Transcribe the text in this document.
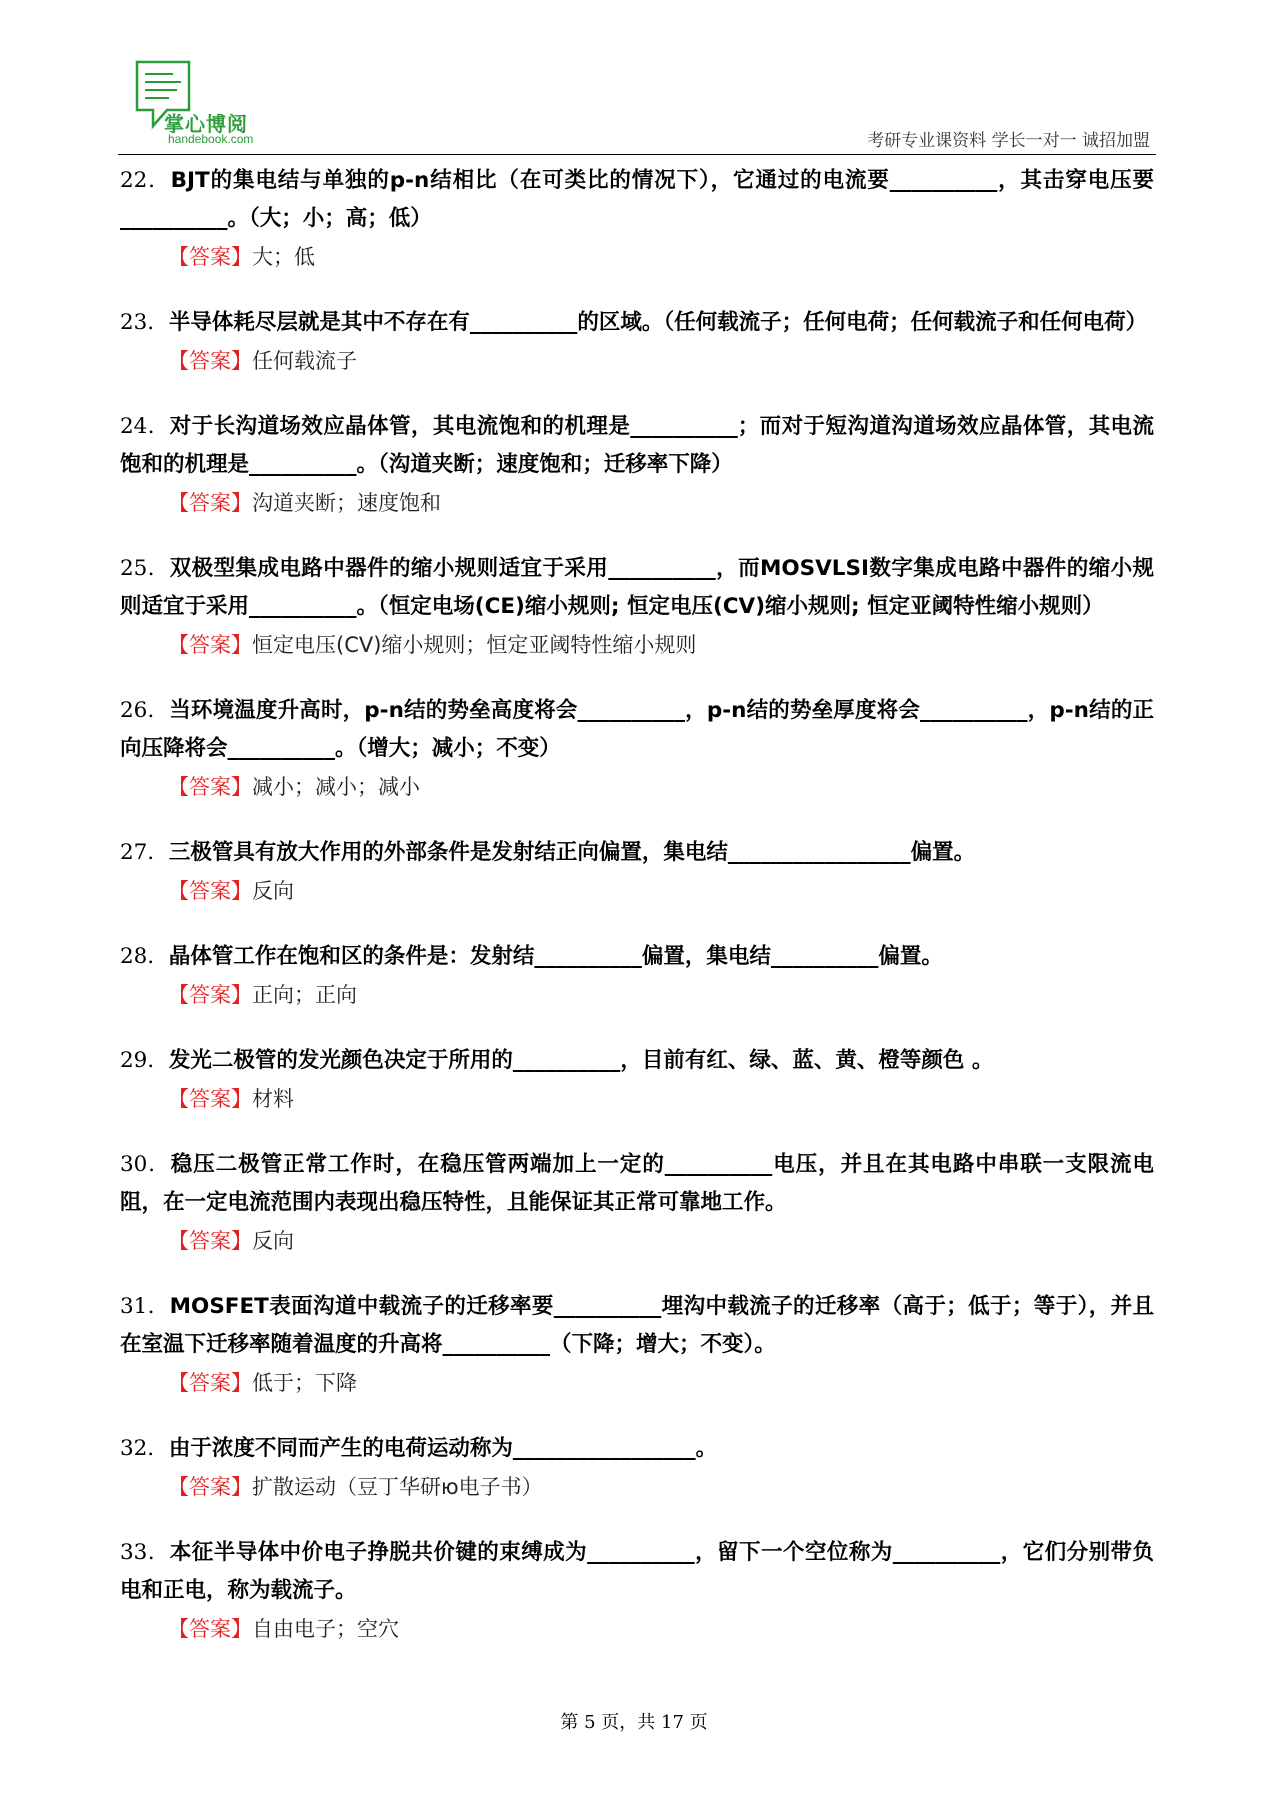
掌心博阅
handebook.com	考研专业课资料 学长一对一 诚招加盟
22．BJT的集电结与单独的p-n结相比（在可类比的情况下），它通过的电流要__________，其击穿电压要__________。（大；小；高；低）
【答案】大；低
23．半导体耗尽层就是其中不存在有__________的区域。（任何载流子；任何电荷；任何载流子和任何电荷）
【答案】任何载流子
24．对于长沟道场效应晶体管，其电流饱和的机理是__________；而对于短沟道沟道场效应晶体管，其电流饱和的机理是__________。（沟道夹断；速度饱和；迁移率下降）
【答案】沟道夹断；速度饱和
25．双极型集成电路中器件的缩小规则适宜于采用__________，而MOSVLSI数字集成电路中器件的缩小规则适宜于采用__________。（恒定电场(CE)缩小规则; 恒定电压(CV)缩小规则; 恒定亚阈特性缩小规则）
【答案】恒定电压(CV)缩小规则；恒定亚阈特性缩小规则
26．当环境温度升高时，p-n结的势垒高度将会__________，p-n结的势垒厚度将会__________，p-n结的正向压降将会__________。（增大；减小；不变）
【答案】减小；减小；减小
27．三极管具有放大作用的外部条件是发射结正向偏置，集电结_________________偏置。
【答案】反向
28．晶体管工作在饱和区的条件是：发射结__________偏置，集电结__________偏置。
【答案】正向；正向
29．发光二极管的发光颜色决定于所用的__________，目前有红、绿、蓝、黄、橙等颜色 。
【答案】材料
30．稳压二极管正常工作时，在稳压管两端加上一定的__________电压，并且在其电路中串联一支限流电阻，在一定电流范围内表现出稳压特性，且能保证其正常可靠地工作。
【答案】反向
31．MOSFET表面沟道中载流子的迁移率要__________埋沟中载流子的迁移率（高于；低于；等于），并且在室温下迁移率随着温度的升高将__________（下降；增大；不变）。
【答案】低于；下降
32．由于浓度不同而产生的电荷运动称为_________________。
【答案】扩散运动（豆丁华研ю电子书）
33．本征半导体中价电子挣脱共价键的束缚成为__________，留下一个空位称为__________，它们分别带负电和正电，称为载流子。
【答案】自由电子；空穴
第 5 页，共 17 页
